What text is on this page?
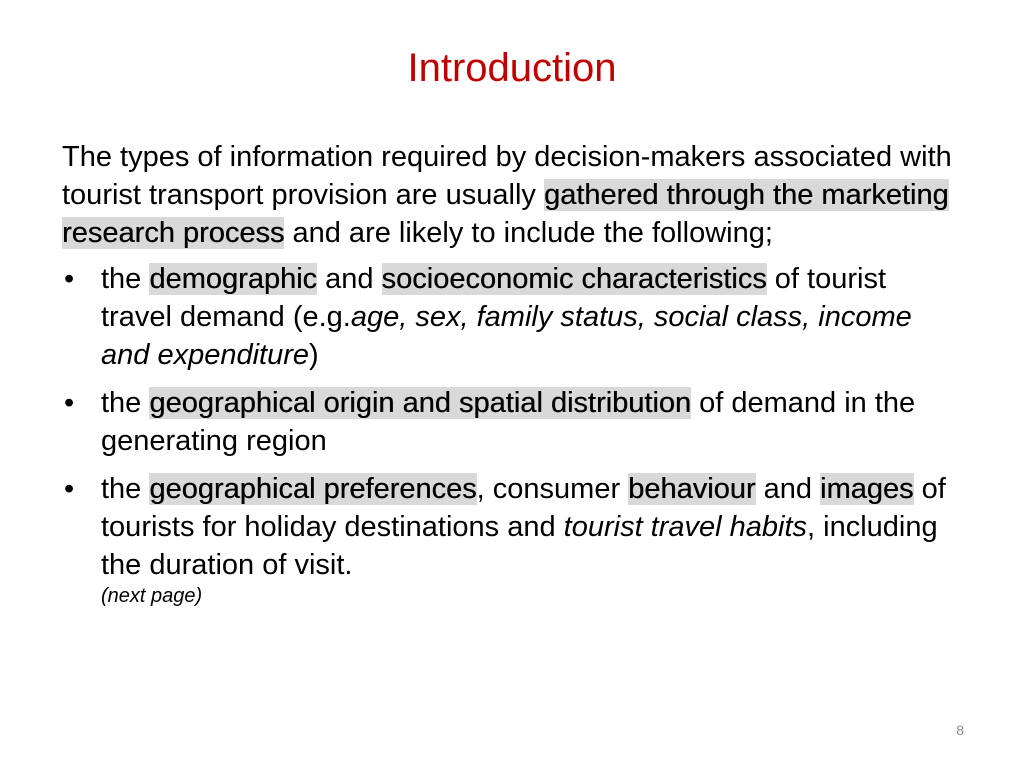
Introduction

The types of information required by decision-makers associated with tourist transport provision are usually gathered through the marketing research process and are likely to include the following;

• the demographic and socioeconomic characteristics of tourist travel demand (e.g.age, sex, family status, social class, income and expenditure)
• the geographical origin and spatial distribution of demand in the generating region
• the geographical preferences, consumer behaviour and images of tourists for holiday destinations and tourist travel habits, including the duration of visit.
(next page)
8
